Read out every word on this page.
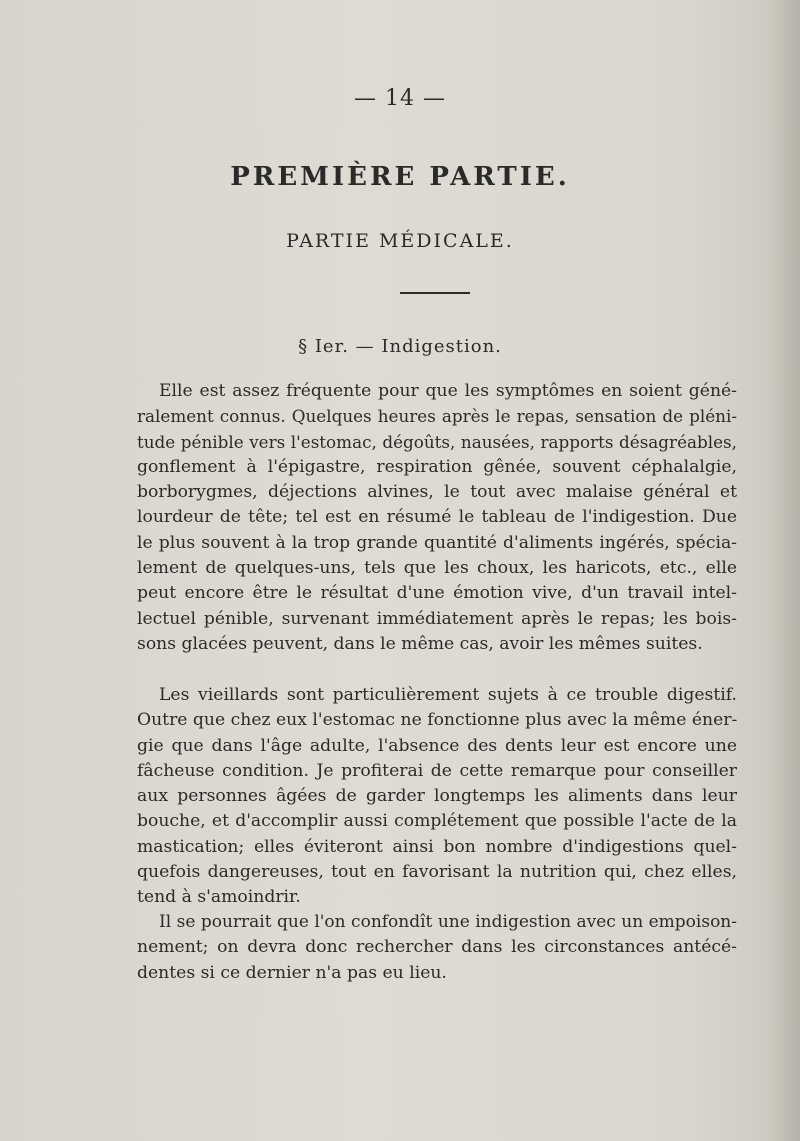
— 14 —
PREMIÈRE PARTIE.
PARTIE MÉDICALE.
§ Ier. — Indigestion.
Elle est assez fréquente pour que les symptômes en soient géné-
ralement connus. Quelques heures après le repas, sensation de pléni-
tude pénible vers l'estomac, dégoûts, nausées, rapports désagréables,
gonflement à l'épigastre, respiration gênée, souvent céphalalgie,
borborygmes, déjections alvines, le tout avec malaise général et
lourdeur de tête; tel est en résumé le tableau de l'indigestion. Due
le plus souvent à la trop grande quantité d'aliments ingérés, spécia-
lement de quelques-uns, tels que les choux, les haricots, etc., elle
peut encore être le résultat d'une émotion vive, d'un travail intel-
lectuel pénible, survenant immédiatement après le repas; les bois-
sons glacées peuvent, dans le même cas, avoir les mêmes suites.
Les vieillards sont particulièrement sujets à ce trouble digestif.
Outre que chez eux l'estomac ne fonctionne plus avec la même éner-
gie que dans l'âge adulte, l'absence des dents leur est encore une
fâcheuse condition. Je profiterai de cette remarque pour conseiller
aux personnes âgées de garder longtemps les aliments dans leur
bouche, et d'accomplir aussi complétement que possible l'acte de la
mastication; elles éviteront ainsi bon nombre d'indigestions quel-
quefois dangereuses, tout en favorisant la nutrition qui, chez elles,
tend à s'amoindrir.
Il se pourrait que l'on confondît une indigestion avec un empoison-
nement; on devra donc rechercher dans les circonstances antécé-
dentes si ce dernier n'a pas eu lieu.
